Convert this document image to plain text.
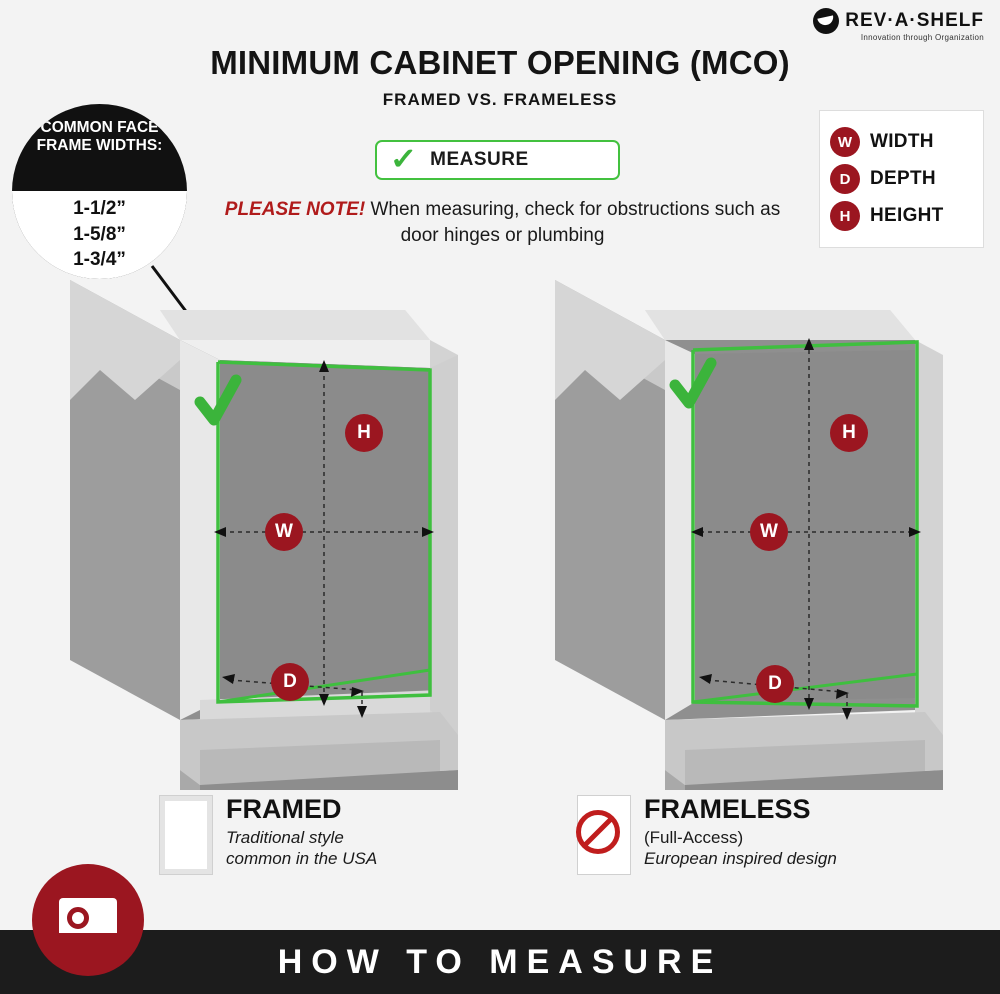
REV·A·SHELF
Innovation through Organization
MINIMUM CABINET OPENING (MCO)
FRAMED VS. FRAMELESS
✓ MEASURE
PLEASE NOTE! When measuring, check for obstructions such as door hinges or plumbing
COMMON FACE FRAME WIDTHS:
1-1/2”
1-5/8”
1-3/4”
W WIDTH
D	DEPTH
H	HEIGHT
H
W
D
H
W
D
FRAMED
Traditional style
common in the USA
FRAMELESS
(Full-Access)
European inspired design
HOW TO MEASURE
